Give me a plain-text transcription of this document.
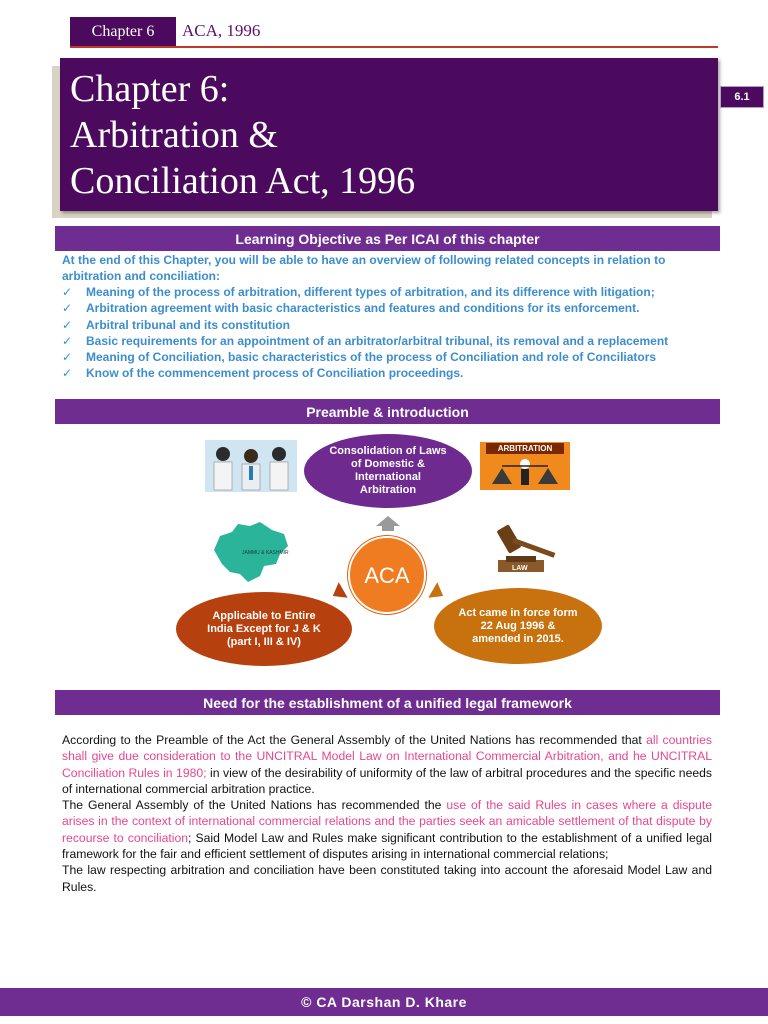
Chapter 6 ACA, 1996
Chapter 6:
Arbitration &
Conciliation Act, 1996
6.1
Learning Objective as Per ICAI of this chapter
At the end of this Chapter, you will be able to have an overview of following related concepts in relation to arbitration and conciliation:
✓	Meaning of the process of arbitration, different types of arbitration, and its difference with litigation;
✓	Arbitration agreement with basic characteristics and features and conditions for its enforcement.
✓	Arbitral tribunal and its constitution
✓	Basic requirements for an appointment of an arbitrator/arbitral tribunal, its removal and a replacement
✓	Meaning of Conciliation, basic characteristics of the process of Conciliation and role of Conciliators
✓	Know of the commencement process of Conciliation proceedings.
Preamble & introduction
ARBITRATION
Consolidation of Laws of Domestic & International Arbitration
JAMMU & KASHMIR
LAW
ACA
Applicable to Entire India Except for J & K (part I, III & IV)
Act came in force form 22 Aug 1996 & amended in 2015.
Need for the establishment of a unified legal framework

According to the Preamble of the Act the General Assembly of the United Nations has recommended that all countries shall give due consideration to the UNCITRAL Model Law on International Commercial Arbitration, and he UNCITRAL Conciliation Rules in 1980; in view of the desirability of uniformity of the law of arbitral procedures and the specific needs of international commercial arbitration practice.

The General Assembly of the United Nations has recommended the use of the said Rules in cases where a dispute arises in the context of international commercial relations and the parties seek an amicable settlement of that dispute by recourse to conciliation; Said Model Law and Rules make significant contribution to the establishment of a unified legal framework for the fair and efficient settlement of disputes arising in international commercial relations;

The law respecting arbitration and conciliation have been constituted taking into account the aforesaid Model Law and Rules.

© CA Darshan D. Khare
